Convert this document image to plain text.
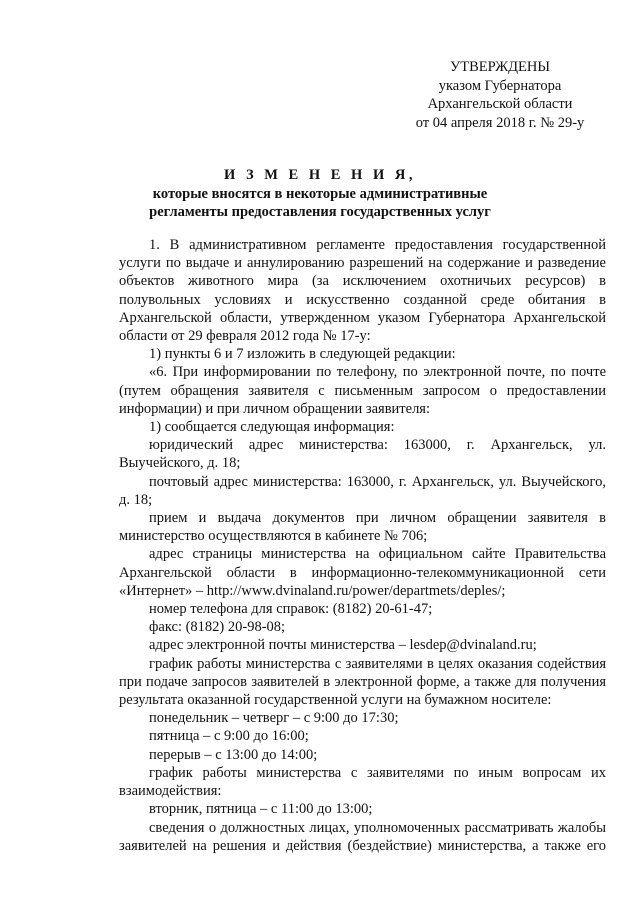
УТВЕРЖДЕНЫ
указом Губернатора
Архангельской области
от 04 апреля 2018 г. № 29-у
И З М Е Н Е Н И Я,
которые вносятся в некоторые административные
регламенты предоставления государственных услуг

1. В административном регламенте предоставления государственной услуги по выдаче и аннулированию разрешений на содержание и разведение объектов животного мира (за исключением охотничьих ресурсов) в полувольных условиях и искусственно созданной среде обитания в Архангельской области, утвержденном указом Губернатора Архангельской области от 29 февраля 2012 года № 17-у:

1) пункты 6 и 7 изложить в следующей редакции:

«6. При информировании по телефону, по электронной почте, по почте (путем обращения заявителя с письменным запросом о предоставлении информации) и при личном обращении заявителя:

1) сообщается следующая информация:

юридический адрес министерства: 163000, г. Архангельск, ул. Выучейского, д. 18;

почтовый адрес министерства: 163000, г. Архангельск, ул. Выучейского, д. 18;

прием и выдача документов при личном обращении заявителя в министерство осуществляются в кабинете № 706;

адрес страницы министерства на официальном сайте Правительства Архангельской области в информационно-телекоммуникационной сети «Интернет» – http://www.dvinaland.ru/power/departmets/deples/;

номер телефона для справок: (8182) 20-61-47;

факс: (8182) 20-98-08;

адрес электронной почты министерства – lesdep@dvinaland.ru;

график работы министерства с заявителями в целях оказания содействия при подаче запросов заявителей в электронной форме, а также для получения результата оказанной государственной услуги на бумажном носителе:

понедельник – четверг – с 9:00 до 17:30;

пятница – с 9:00 до 16:00;

перерыв – с 13:00 до 14:00;

график работы министерства с заявителями по иным вопросам их взаимодействия:

вторник, пятница – с 11:00 до 13:00;

сведения о должностных лицах, уполномоченных рассматривать жалобы заявителей на решения и действия (бездействие) министерства, а также его
